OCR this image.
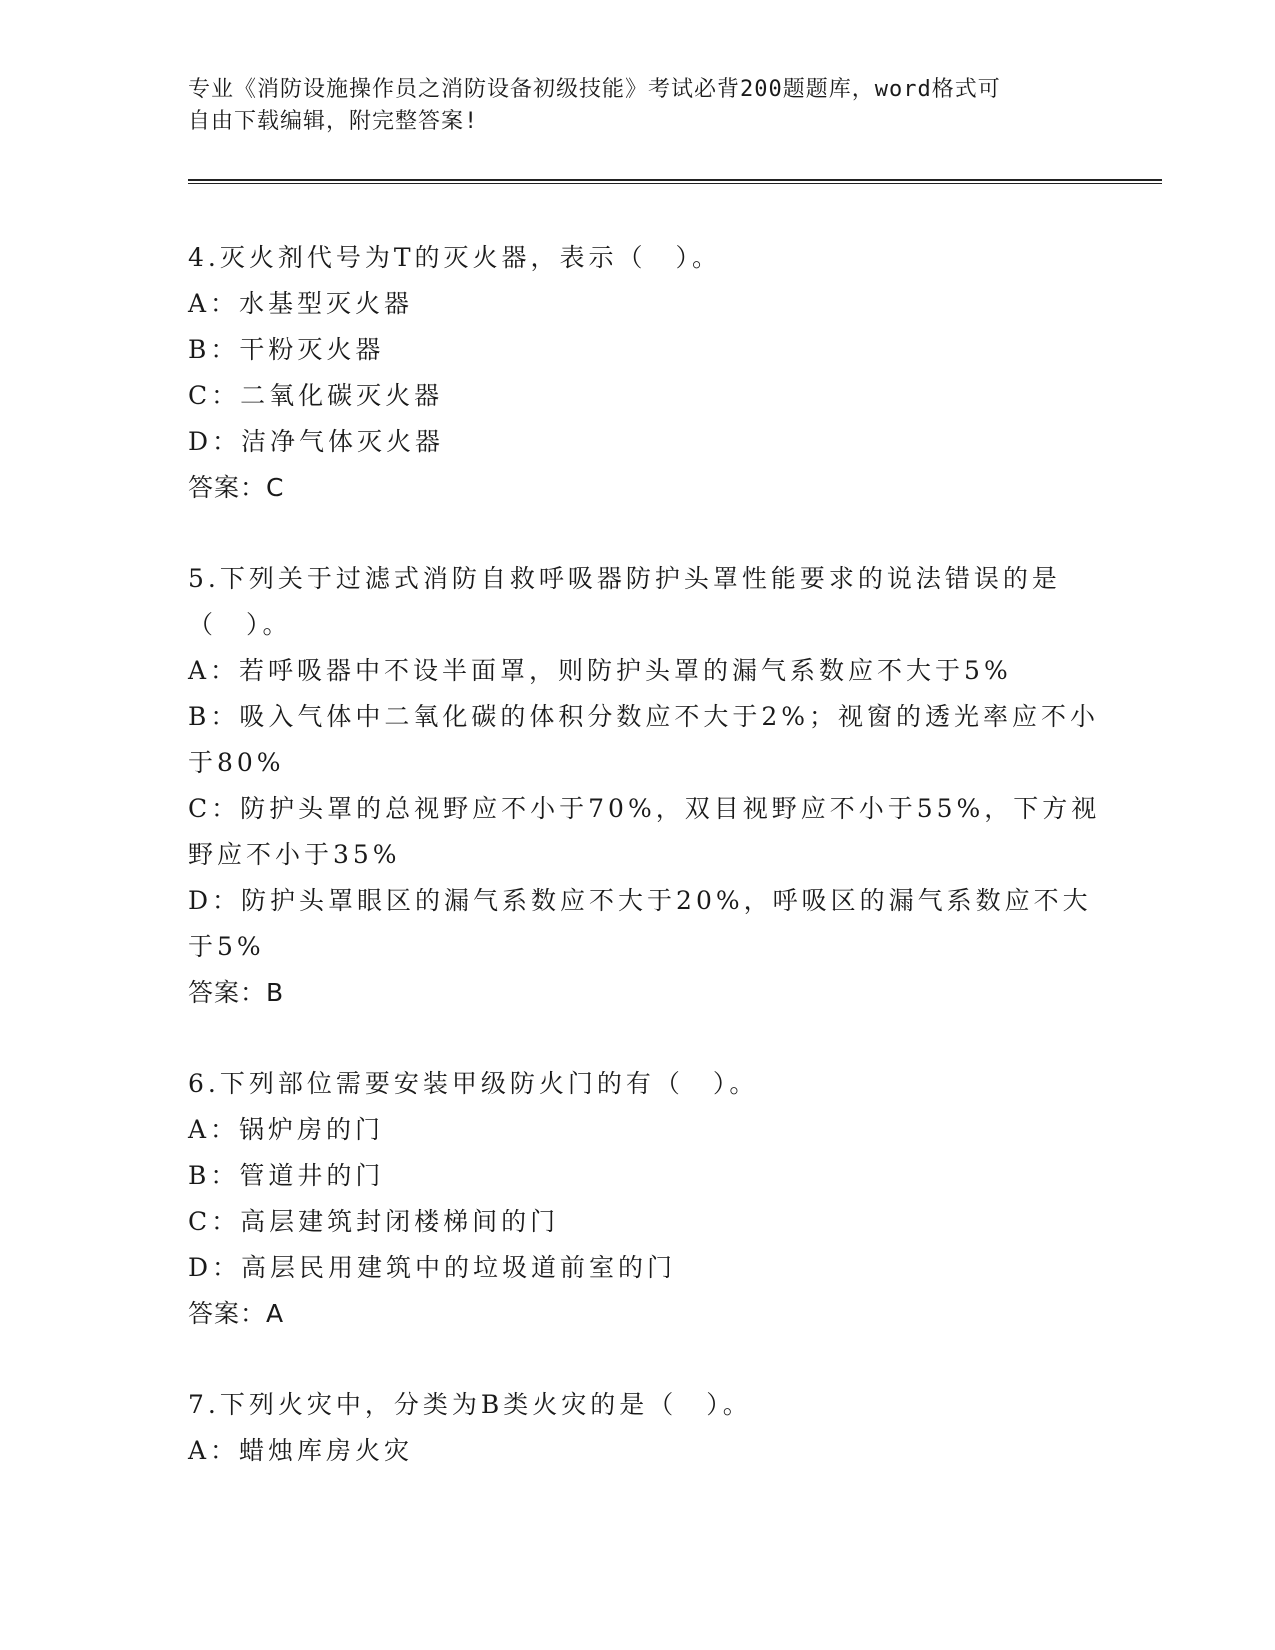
专业《消防设施操作员之消防设备初级技能》考试必背200题题库，word格式可
自由下载编辑，附完整答案!

4.灭火剂代号为T的灭火器，表示（　）。

A：水基型灭火器

B：干粉灭火器

C：二氧化碳灭火器

D：洁净气体灭火器

答案：C

5.下列关于过滤式消防自救呼吸器防护头罩性能要求的说法错误的是

（　）。

A：若呼吸器中不设半面罩，则防护头罩的漏气系数应不大于5%

B：吸入气体中二氧化碳的体积分数应不大于2%；视窗的透光率应不小

于80%

C：防护头罩的总视野应不小于70%，双目视野应不小于55%，下方视

野应不小于35%

D：防护头罩眼区的漏气系数应不大于20%，呼吸区的漏气系数应不大

于5%

答案：B

6.下列部位需要安装甲级防火门的有（　）。

A：锅炉房的门

B：管道井的门

C：高层建筑封闭楼梯间的门

D：高层民用建筑中的垃圾道前室的门

答案：A

7.下列火灾中，分类为B类火灾的是（　）。

A：蜡烛库房火灾
